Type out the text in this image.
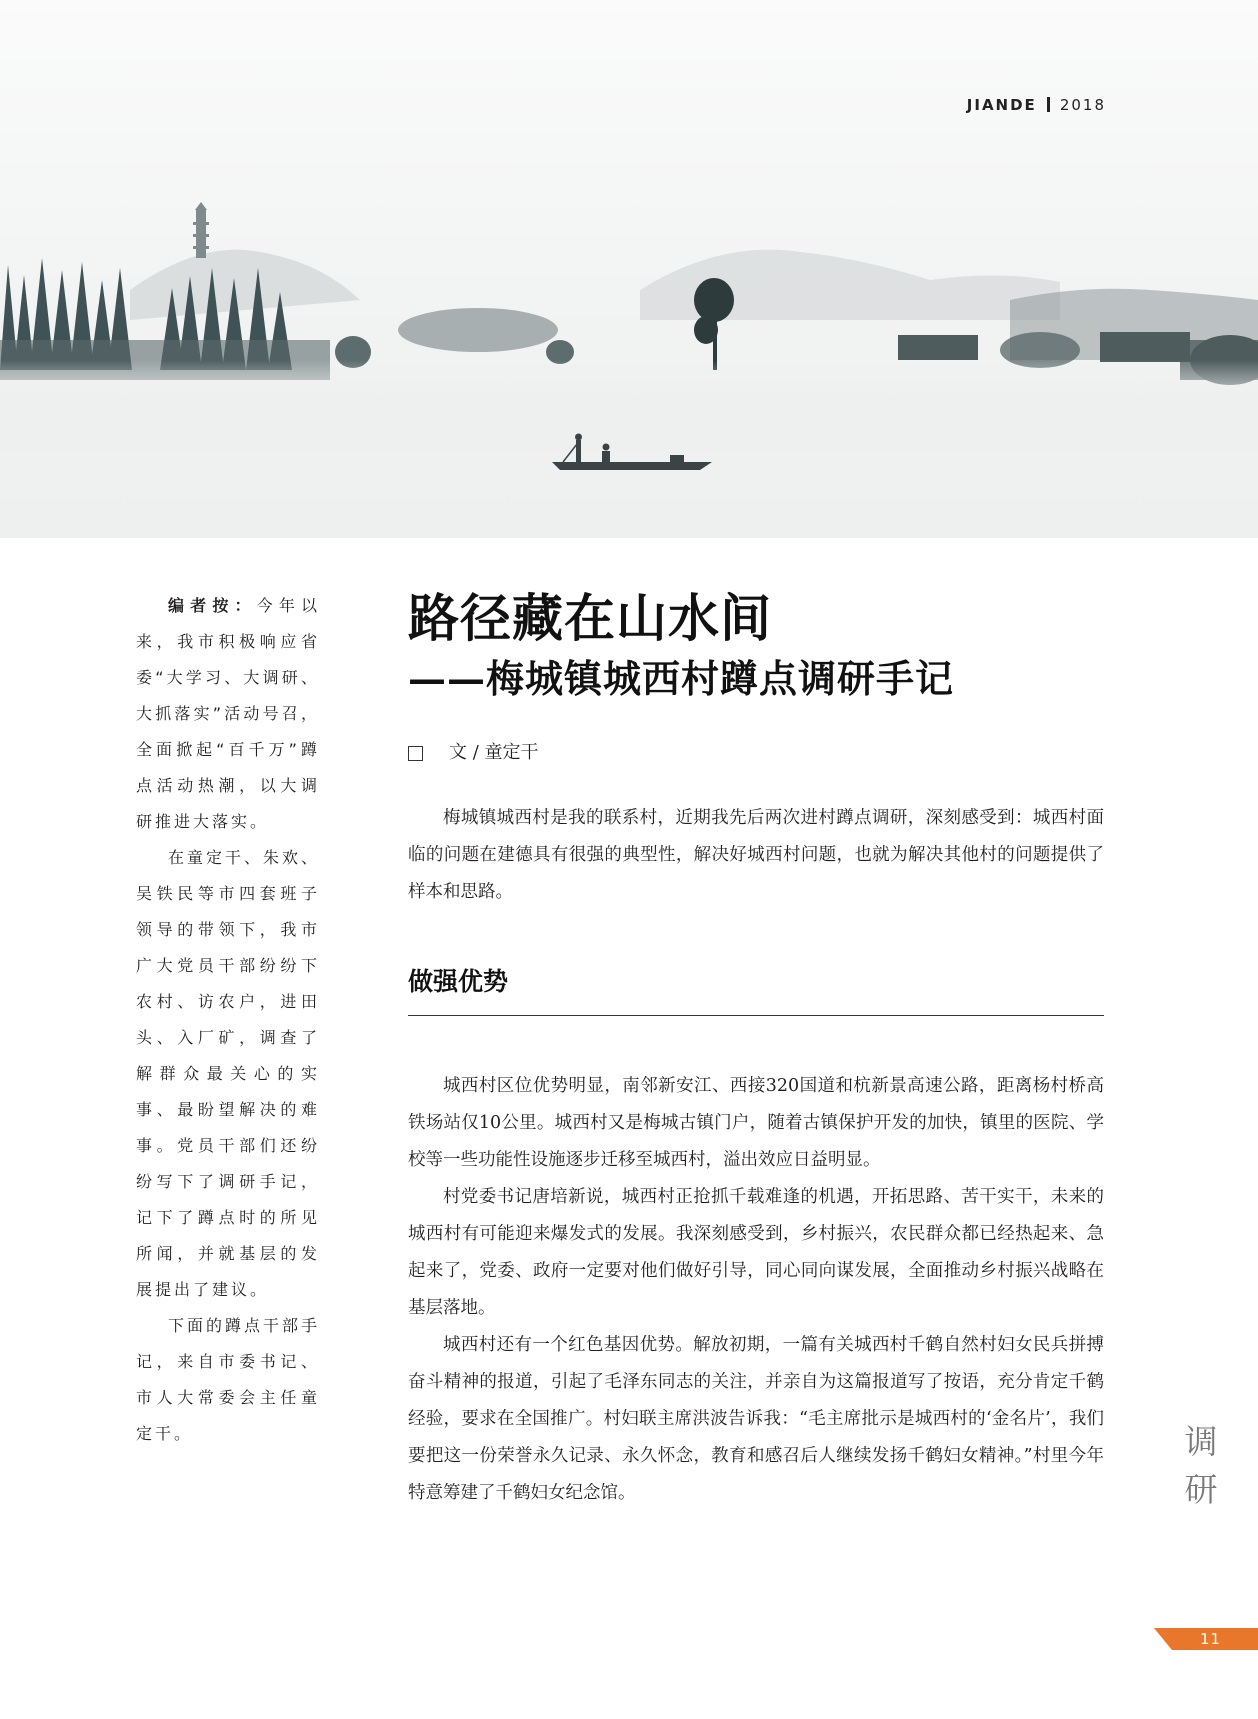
JIANDE 2018

编者按：今年以来，我市积极响应省委“大学习、大调研、大抓落实”活动号召，全面掀起“百千万”蹲点活动热潮，以大调研推进大落实。

在童定干、朱欢、吴铁民等市四套班子领导的带领下，我市广大党员干部纷纷下农村、访农户，进田头、入厂矿，调查了解群众最关心的实事、最盼望解决的难事。党员干部们还纷纷写下了调研手记，记下了蹲点时的所见所闻，并就基层的发展提出了建议。

下面的蹲点干部手记，来自市委书记、市人大常委会主任童定干。

路径藏在山水间
——梅城镇城西村蹲点调研手记
文 / 童定干

梅城镇城西村是我的联系村，近期我先后两次进村蹲点调研，深刻感受到：城西村面临的问题在建德具有很强的典型性，解决好城西村问题，也就为解决其他村的问题提供了样本和思路。

做强优势

城西村区位优势明显，南邻新安江、西接320国道和杭新景高速公路，距离杨村桥高铁场站仅10公里。城西村又是梅城古镇门户，随着古镇保护开发的加快，镇里的医院、学校等一些功能性设施逐步迁移至城西村，溢出效应日益明显。

村党委书记唐培新说，城西村正抢抓千载难逢的机遇，开拓思路、苦干实干，未来的城西村有可能迎来爆发式的发展。我深刻感受到，乡村振兴，农民群众都已经热起来、急起来了，党委、政府一定要对他们做好引导，同心同向谋发展，全面推动乡村振兴战略在基层落地。

城西村还有一个红色基因优势。解放初期，一篇有关城西村千鹤自然村妇女民兵拼搏奋斗精神的报道，引起了毛泽东同志的关注，并亲自为这篇报道写了按语，充分肯定千鹤经验，要求在全国推广。村妇联主席洪波告诉我：“毛主席批示是城西村的‘金名片’，我们要把这一份荣誉永久记录、永久怀念，教育和感召后人继续发扬千鹤妇女精神。”村里今年特意筹建了千鹤妇女纪念馆。

调
研
11
